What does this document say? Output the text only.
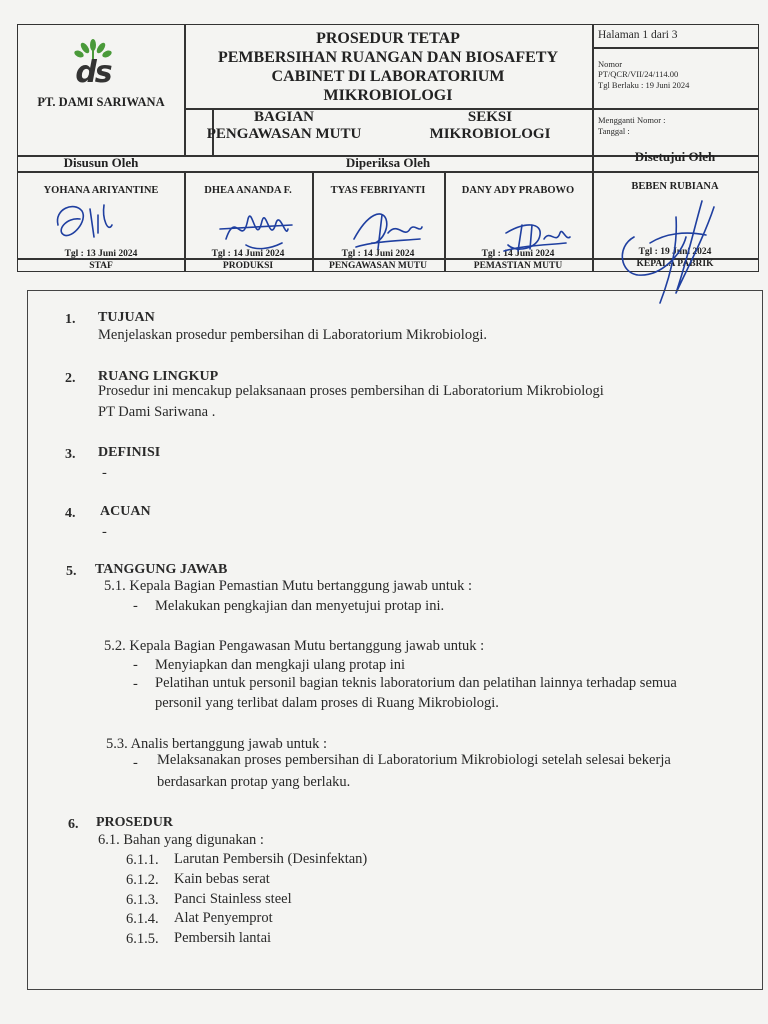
ds
PT. DAMI SARIWANA
PROSEDUR TETAP
PEMBERSIHAN RUANGAN DAN BIOSAFETY
CABINET DI LABORATORIUM
MIKROBIOLOGI
Halaman 1 dari 3
Nomor
PT/QCR/VII/24/114.00
Tgl Berlaku : 19 Juni 2024
BAGIAN
PENGAWASAN MUTU
SEKSI
MIKROBIOLOGI
Mengganti Nomor :
Tanggal :
Disusun Oleh	Diperiksa Oleh	Disetujui Oleh
YOHANA ARIYANTINE
Tgl : 13 Juni 2024
STAF
DHEA ANANDA F.
Tgl : 14 Juni 2024
PRODUKSI
TYAS FEBRIYANTI
Tgl : 14 Juni 2024
PENGAWASAN MUTU
DANY ADY PRABOWO
Tgl : 14 Juni 2024
PEMASTIAN MUTU
BEBEN RUBIANA
Tgl : 19 Juni 2024
KEPALA PABRIK
1. TUJUAN
Menjelaskan prosedur pembersihan di Laboratorium Mikrobiologi.
2. RUANG LINGKUP
Prosedur ini mencakup pelaksanaan proses pembersihan di Laboratorium Mikrobiologi
PT Dami Sariwana .
3. DEFINISI
-
4. ACUAN
-
5. TANGGUNG JAWAB
5.1. Kepala Bagian Pemastian Mutu bertanggung jawab untuk :
- Melakukan pengkajian dan menyetujui protap ini.
5.2. Kepala Bagian Pengawasan Mutu bertanggung jawab untuk :
- Menyiapkan dan mengkaji ulang protap ini
- Pelatihan untuk personil bagian teknis laboratorium dan pelatihan lainnya terhadap semua
personil yang terlibat dalam proses di Ruang Mikrobiologi.
5.3. Analis bertanggung jawab untuk :
- Melaksanakan proses pembersihan di Laboratorium Mikrobiologi setelah selesai bekerja
berdasarkan protap yang berlaku.
6. PROSEDUR
6.1. Bahan yang digunakan :
6.1.1. Larutan Pembersih (Desinfektan)
6.1.2. Kain bebas serat
6.1.3. Panci Stainless steel
6.1.4. Alat Penyemprot
6.1.5. Pembersih lantai
